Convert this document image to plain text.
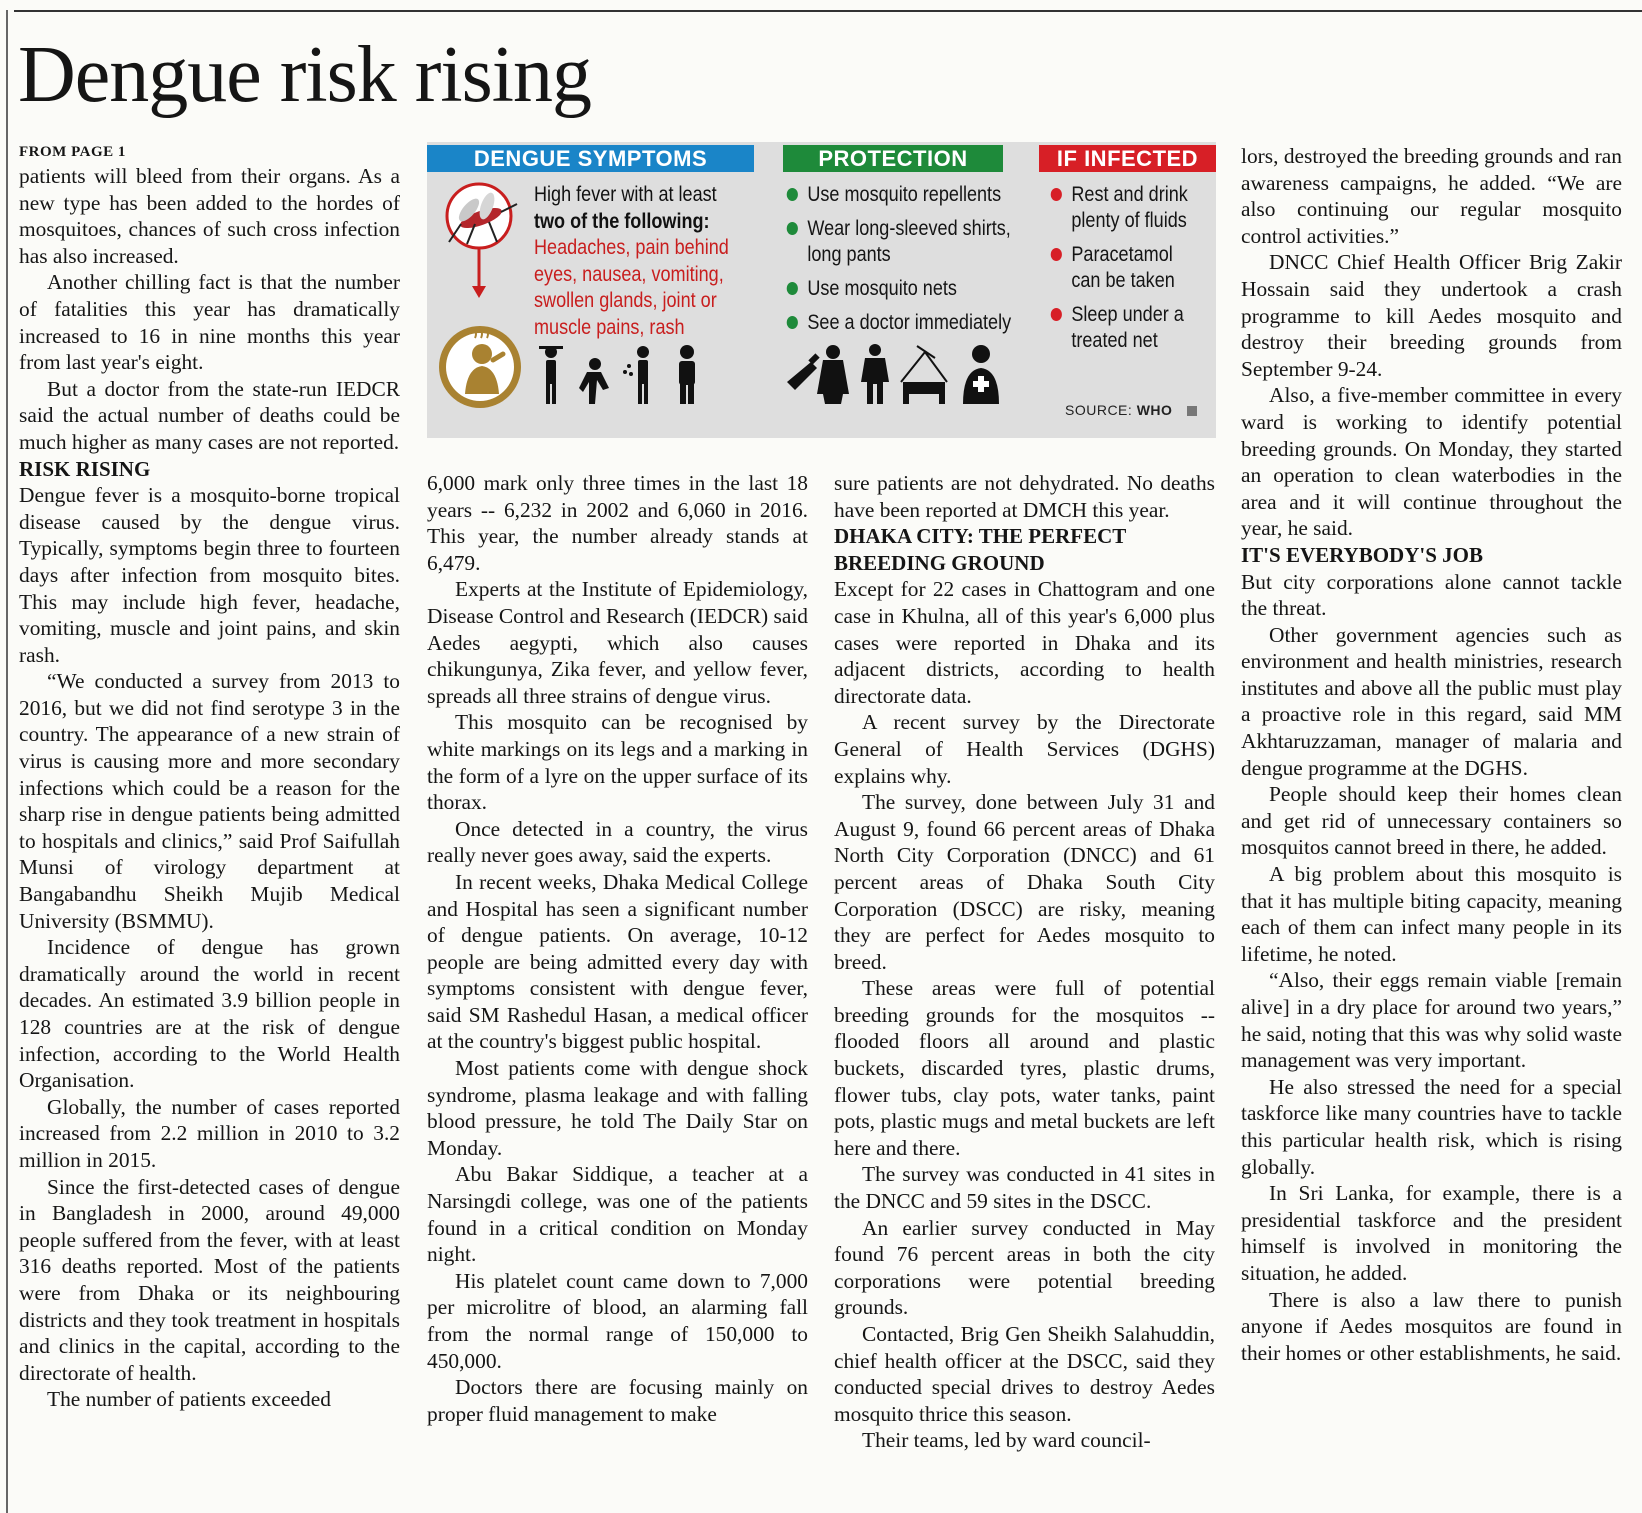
Dengue risk rising
FROM PAGE 1

patients will bleed from their organs. As a new type has been added to the hordes of mosquitoes, chances of such cross infection has also increased.

Another chilling fact is that the number of fatalities this year has dramatically increased to 16 in nine months this year from last year's eight.

But a doctor from the state-run IEDCR said the actual number of deaths could be much higher as many cases are not reported.

RISK RISING

Dengue fever is a mosquito-borne tropical disease caused by the dengue virus. Typically, symptoms begin three to fourteen days after infection from mosquito bites. This may include high fever, headache, vomiting, muscle and joint pains, and skin rash.

“We conducted a survey from 2013 to 2016, but we did not find serotype 3 in the country. The appearance of a new strain of virus is causing more and more secondary infections which could be a reason for the sharp rise in dengue patients being admitted to hospitals and clinics,” said Prof Saifullah Munsi of virology department at Bangabandhu Sheikh Mujib Medical University (BSMMU).

Incidence of dengue has grown dramatically around the world in recent decades. An estimated 3.9 billion people in 128 countries are at the risk of dengue infection, according to the World Health Organisation.

Globally, the number of cases reported increased from 2.2 million in 2010 to 3.2 million in 2015.

Since the first-detected cases of dengue in Bangladesh in 2000, around 49,000 people suffered from the fever, with at least 316 deaths reported. Most of the patients were from Dhaka or its neighbouring districts and they took treatment in hospitals and clinics in the capital, according to the directorate of health.

The number of patients exceeded

DENGUE SYMPTOMS	PROTECTION	IF INFECTED
High fever with at least
two of the following:
Headaches, pain behind
eyes, nausea, vomiting,
swollen glands, joint or
muscle pains, rash
Use mosquito repellents
Wear long-sleeved shirts, long pants
Use mosquito nets
See a doctor immediately
Rest and drink plenty of fluids
Paracetamol can be taken
Sleep under a treated net
SOURCE: WHO

6,000 mark only three times in the last 18 years -- 6,232 in 2002 and 6,060 in 2016. This year, the number already stands at 6,479.

Experts at the Institute of Epidemiology, Disease Control and Research (IEDCR) said Aedes aegypti, which also causes chikungunya, Zika fever, and yellow fever, spreads all three strains of dengue virus.

This mosquito can be recognised by white markings on its legs and a marking in the form of a lyre on the upper surface of its thorax.

Once detected in a country, the virus really never goes away, said the experts.

In recent weeks, Dhaka Medical College and Hospital has seen a significant number of dengue patients. On average, 10-12 people are being admitted every day with symptoms consistent with dengue fever, said SM Rashedul Hasan, a medical officer at the country's biggest public hospital.

Most patients come with dengue shock syndrome, plasma leakage and with falling blood pressure, he told The Daily Star on Monday.

Abu Bakar Siddique, a teacher at a Narsingdi college, was one of the patients found in a critical condition on Monday night.

His platelet count came down to 7,000 per microlitre of blood, an alarming fall from the normal range of 150,000 to 450,000.

Doctors there are focusing mainly on proper fluid management to make

sure patients are not dehydrated. No deaths have been reported at DMCH this year.

DHAKA CITY: THE PERFECT BREEDING GROUND

Except for 22 cases in Chattogram and one case in Khulna, all of this year's 6,000 plus cases were reported in Dhaka and its adjacent districts, according to health directorate data.

A recent survey by the Directorate General of Health Services (DGHS) explains why.

The survey, done between July 31 and August 9, found 66 percent areas of Dhaka North City Corporation (DNCC) and 61 percent areas of Dhaka South City Corporation (DSCC) are risky, meaning they are perfect for Aedes mosquito to breed.

These areas were full of potential breeding grounds for the mosquitos -- flooded floors all around and plastic buckets, discarded tyres, plastic drums, flower tubs, clay pots, water tanks, paint pots, plastic mugs and metal buckets are left here and there.

The survey was conducted in 41 sites in the DNCC and 59 sites in the DSCC.

An earlier survey conducted in May found 76 percent areas in both the city corporations were potential breeding grounds.

Contacted, Brig Gen Sheikh Salahuddin, chief health officer at the DSCC, said they conducted special drives to destroy Aedes mosquito thrice this season.

Their teams, led by ward council-

lors, destroyed the breeding grounds and ran awareness campaigns, he added. “We are also continuing our regular mosquito control activities.”

DNCC Chief Health Officer Brig Zakir Hossain said they undertook a crash programme to kill Aedes mosquito and destroy their breeding grounds from September 9-24.

Also, a five-member committee in every ward is working to identify potential breeding grounds. On Monday, they started an operation to clean waterbodies in the area and it will continue throughout the year, he said.

IT'S EVERYBODY'S JOB

But city corporations alone cannot tackle the threat.

Other government agencies such as environment and health ministries, research institutes and above all the public must play a proactive role in this regard, said MM Akhtaruzzaman, manager of malaria and dengue programme at the DGHS.

People should keep their homes clean and get rid of unnecessary containers so mosquitos cannot breed in there, he added.

A big problem about this mosquito is that it has multiple biting capacity, meaning each of them can infect many people in its lifetime, he noted.

“Also, their eggs remain viable [remain alive] in a dry place for around two years,” he said, noting that this was why solid waste management was very important.

He also stressed the need for a special taskforce like many countries have to tackle this particular health risk, which is rising globally.

In Sri Lanka, for example, there is a presidential taskforce and the president himself is involved in monitoring the situation, he added.

There is also a law there to punish anyone if Aedes mosquitos are found in their homes or other establishments, he said.
